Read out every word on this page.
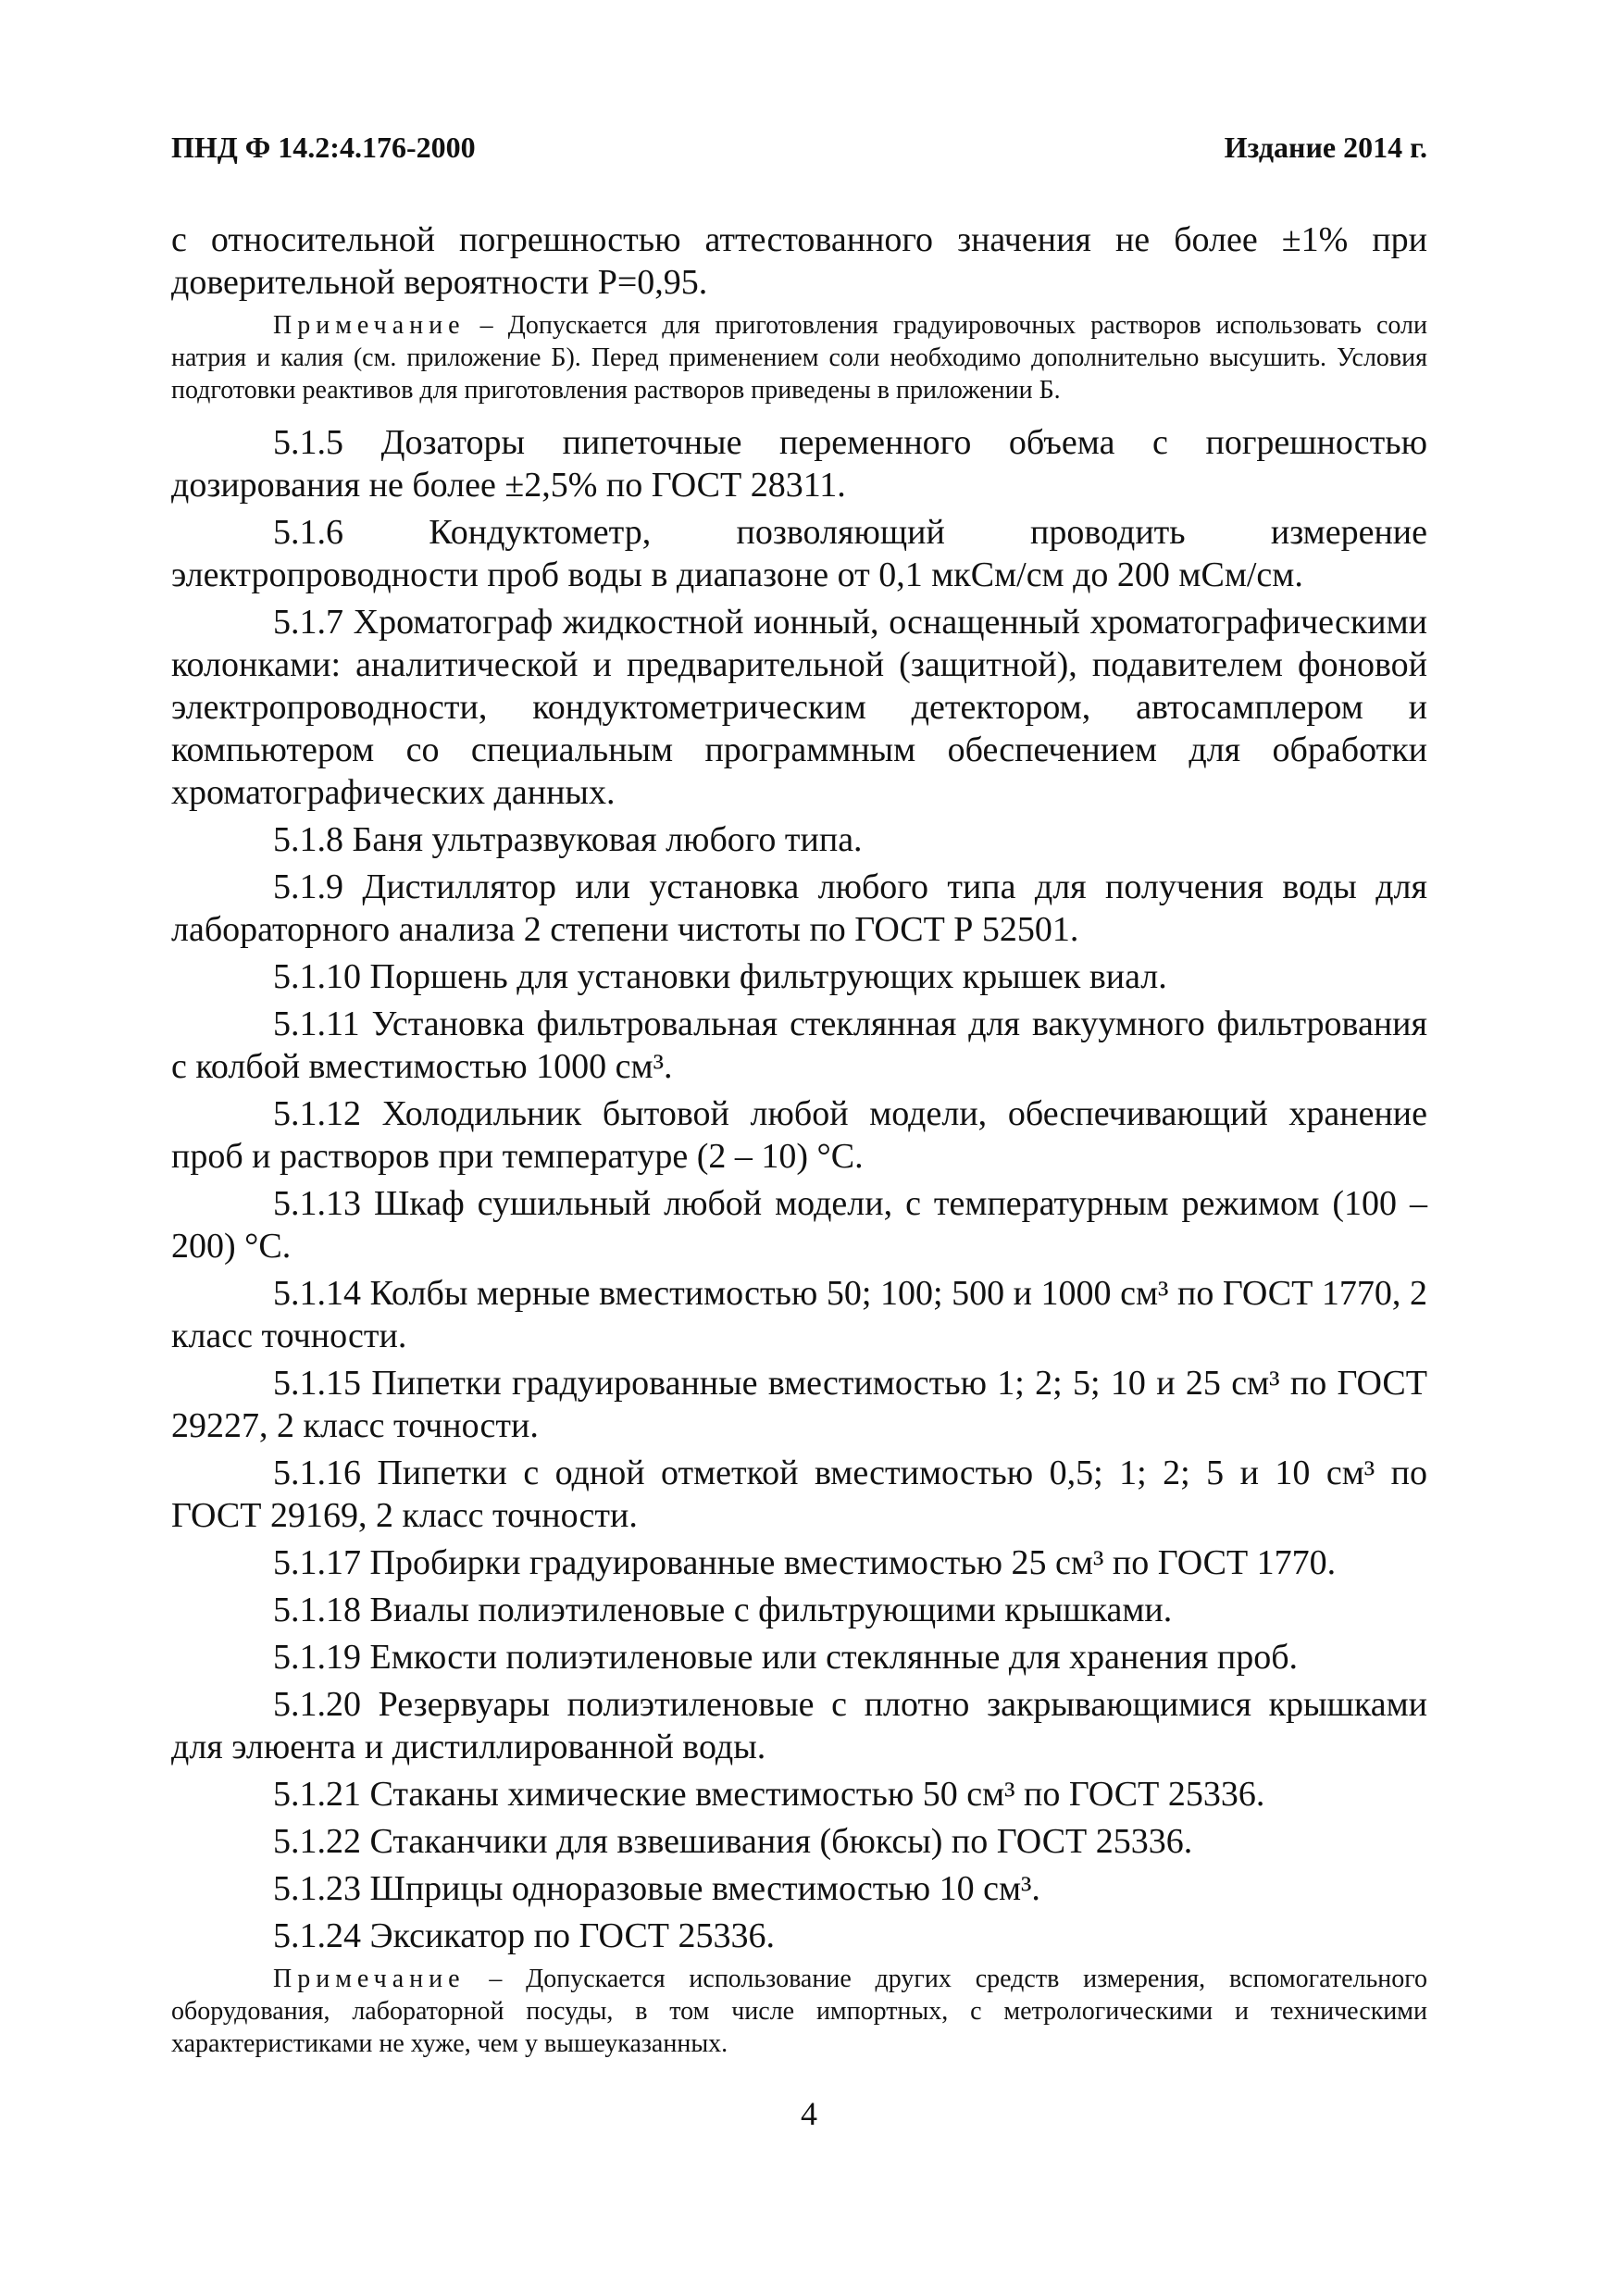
ПНД Ф 14.2:4.176-2000	Издание 2014 г.

с относительной погрешностью аттестованного значения не более ±1% при доверительной вероятности Р=0,95.

Примечание – Допускается для приготовления градуировочных растворов использовать соли натрия и калия (см. приложение Б). Перед применением соли необходимо дополнительно высушить. Условия подготовки реактивов для приготовления растворов приведены в приложении Б.

5.1.5 Дозаторы пипеточные переменного объема с погрешностью дозирования не более ±2,5% по ГОСТ 28311.

5.1.6 Кондуктометр, позволяющий проводить измерение электропроводности проб воды в диапазоне от 0,1 мкСм/см до 200 мСм/см.

5.1.7 Хроматограф жидкостной ионный, оснащенный хроматографическими колонками: аналитической и предварительной (защитной), подавителем фоновой электропроводности, кондуктометрическим детектором, автосамплером и компьютером со специальным программным обеспечением для обработки хроматографических данных.

5.1.8 Баня ультразвуковая любого типа.

5.1.9 Дистиллятор или установка любого типа для получения воды для лабораторного анализа 2 степени чистоты по ГОСТ Р 52501.

5.1.10 Поршень для установки фильтрующих крышек виал.

5.1.11 Установка фильтровальная стеклянная для вакуумного фильтрования с колбой вместимостью 1000 см³.

5.1.12 Холодильник бытовой любой модели, обеспечивающий хранение проб и растворов при температуре (2 – 10) °С.

5.1.13 Шкаф сушильный любой модели, с температурным режимом (100 – 200) °С.

5.1.14 Колбы мерные вместимостью 50; 100; 500 и 1000 см³ по ГОСТ 1770, 2 класс точности.

5.1.15 Пипетки градуированные вместимостью 1; 2; 5; 10 и 25 см³ по ГОСТ 29227, 2 класс точности.

5.1.16 Пипетки с одной отметкой вместимостью 0,5; 1; 2; 5 и 10 см³ по ГОСТ 29169, 2 класс точности.

5.1.17 Пробирки градуированные вместимостью 25 см³ по ГОСТ 1770.

5.1.18 Виалы полиэтиленовые с фильтрующими крышками.

5.1.19 Емкости полиэтиленовые или стеклянные для хранения проб.

5.1.20 Резервуары полиэтиленовые с плотно закрывающимися крышками для элюента и дистиллированной воды.

5.1.21 Стаканы химические вместимостью 50 см³ по ГОСТ 25336.

5.1.22 Стаканчики для взвешивания (бюксы) по ГОСТ 25336.

5.1.23 Шприцы одноразовые вместимостью 10 см³.

5.1.24 Эксикатор по ГОСТ 25336.

Примечание – Допускается использование других средств измерения, вспомогательного оборудования, лабораторной посуды, в том числе импортных, с метрологическими и техническими характеристиками не хуже, чем у вышеуказанных.

4
